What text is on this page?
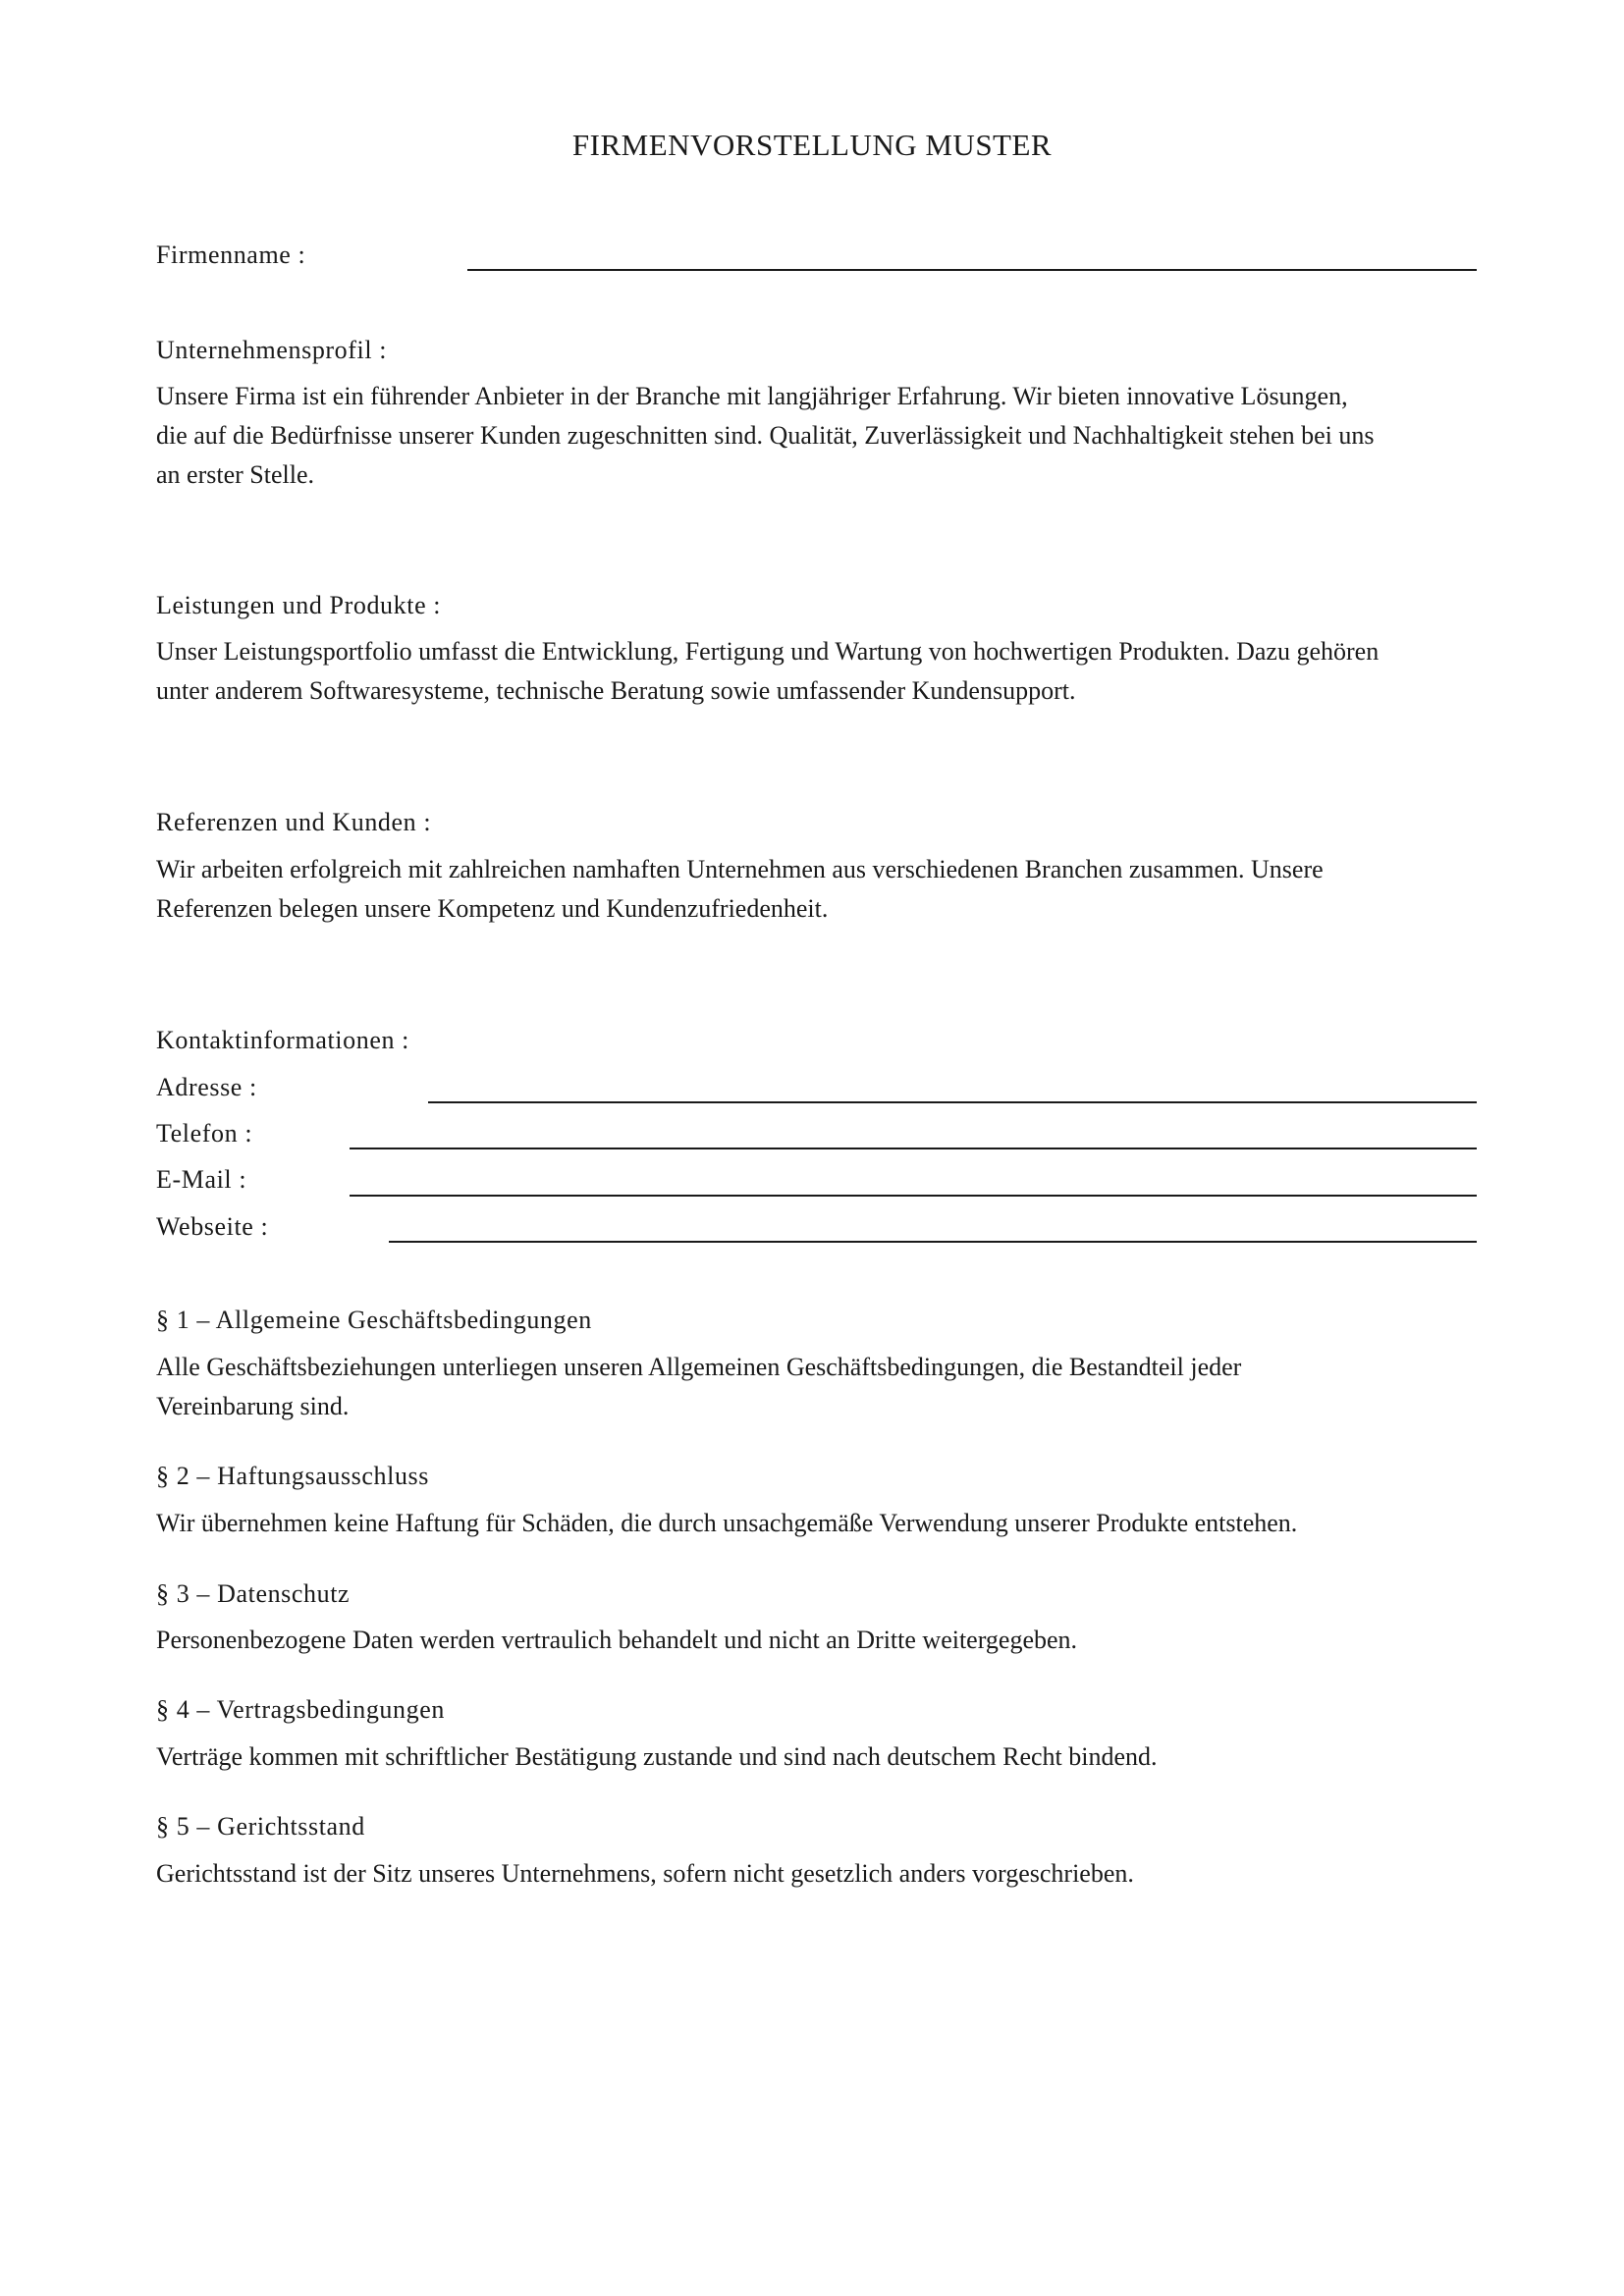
FIRMENVORSTELLUNG MUSTER
Firmenname :
Unternehmensprofil :
Unsere Firma ist ein führender Anbieter in der Branche mit langjähriger Erfahrung. Wir bieten innovative Lösungen,
die auf die Bedürfnisse unserer Kunden zugeschnitten sind. Qualität, Zuverlässigkeit und Nachhaltigkeit stehen bei uns
an erster Stelle.
Leistungen und Produkte :
Unser Leistungsportfolio umfasst die Entwicklung, Fertigung und Wartung von hochwertigen Produkten. Dazu gehören
unter anderem Softwaresysteme, technische Beratung sowie umfassender Kundensupport.
Referenzen und Kunden :
Wir arbeiten erfolgreich mit zahlreichen namhaften Unternehmen aus verschiedenen Branchen zusammen. Unsere
Referenzen belegen unsere Kompetenz und Kundenzufriedenheit.
Kontaktinformationen :
Adresse :
Telefon :
E-Mail :
Webseite :
§ 1 – Allgemeine Geschäftsbedingungen
Alle Geschäftsbeziehungen unterliegen unseren Allgemeinen Geschäftsbedingungen, die Bestandteil jeder
Vereinbarung sind.
§ 2 – Haftungsausschluss
Wir übernehmen keine Haftung für Schäden, die durch unsachgemäße Verwendung unserer Produkte entstehen.
§ 3 – Datenschutz
Personenbezogene Daten werden vertraulich behandelt und nicht an Dritte weitergegeben.
§ 4 – Vertragsbedingungen
Verträge kommen mit schriftlicher Bestätigung zustande und sind nach deutschem Recht bindend.
§ 5 – Gerichtsstand
Gerichtsstand ist der Sitz unseres Unternehmens, sofern nicht gesetzlich anders vorgeschrieben.
